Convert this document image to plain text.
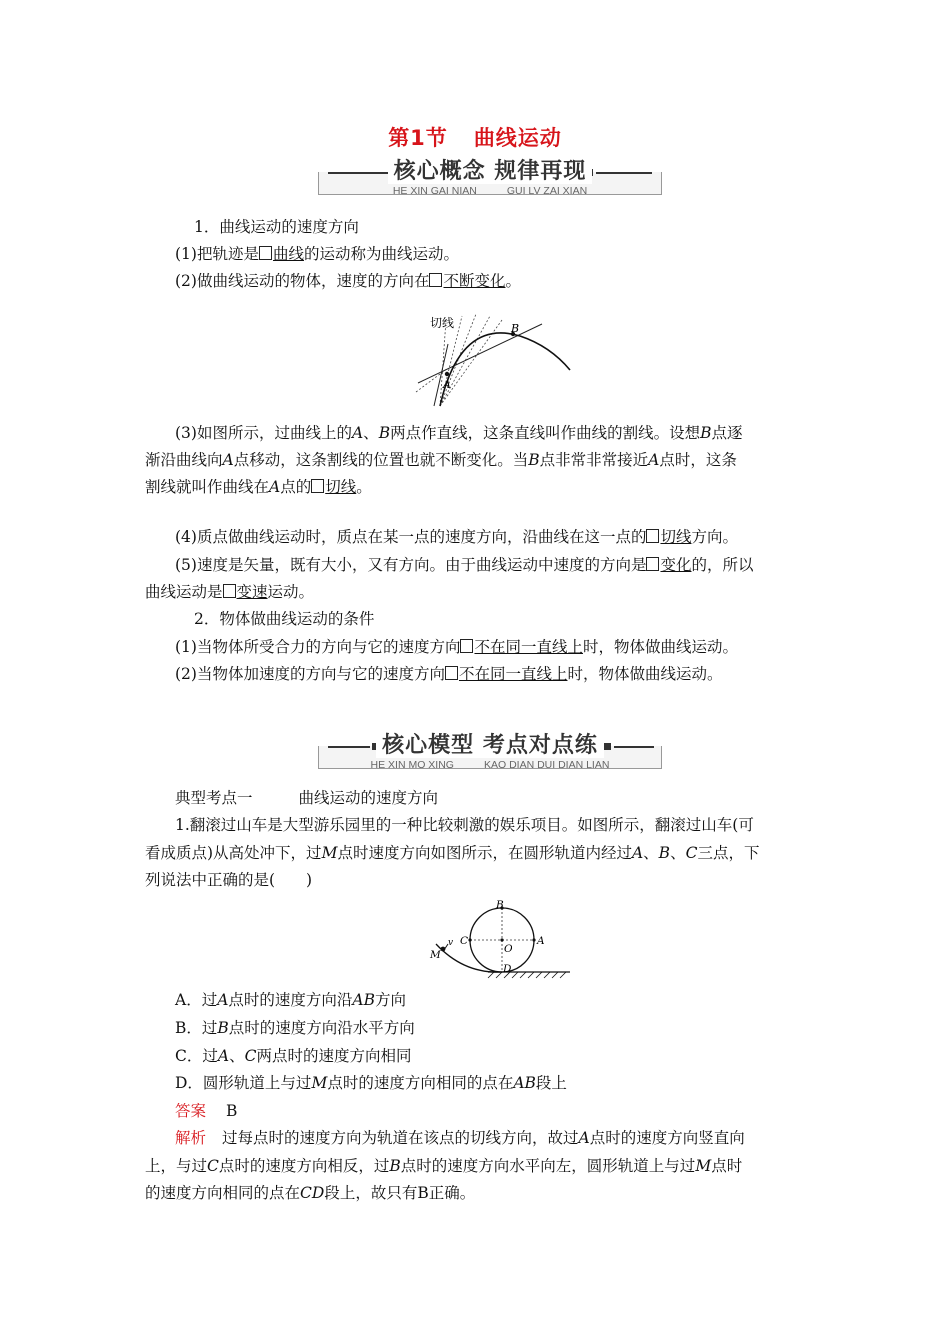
第1节 曲线运动
核心概念 规律再现
HE XIN GAI NIAN	GUI LV ZAI XIAN
1．曲线运动的速度方向
(1)把轨迹是 曲线的运动称为曲线运动。
(2)做曲线运动的物体，速度的方向在 不断变化。
切线
A
B
(3)如图所示，过曲线上的A、B两点作直线，这条直线叫作曲线的割线。设想B点逐
渐沿曲线向A点移动，这条割线的位置也就不断变化。当B点非常非常接近A点时，这条
割线就叫作曲线在A点的 切线。
(4)质点做曲线运动时，质点在某一点的速度方向，沿曲线在这一点的 切线方向。
(5)速度是矢量，既有大小，又有方向。由于曲线运动中速度的方向是 变化的，所以
曲线运动是 变速运动。
2．物体做曲线运动的条件
(1)当物体所受合力的方向与它的速度方向 不在同一直线上时，物体做曲线运动。
(2)当物体加速度的方向与它的速度方向 不在同一直线上时，物体做曲线运动。
核心模型 考点对点练
HE XIN MO XING	KAO DIAN DUI DIAN LIAN
典型考点一	曲线运动的速度方向
1.翻滚过山车是大型游乐园里的一种比较刺激的娱乐项目。如图所示，翻滚过山车(可
看成质点)从高处冲下，过M点时速度方向如图所示，在圆形轨道内经过A、B、C三点，下
列说法中正确的是(　　)
B
A
C
O
D
M
v
A．过A点时的速度方向沿AB方向
B．过B点时的速度方向沿水平方向
C．过A、C两点时的速度方向相同
D．圆形轨道上与过M点时的速度方向相同的点在AB段上
答案 B
解析 过每点时的速度方向为轨道在该点的切线方向，故过A点时的速度方向竖直向
上，与过C点时的速度方向相反，过B点时的速度方向水平向左，圆形轨道上与过M点时
的速度方向相同的点在CD段上，故只有B正确。
